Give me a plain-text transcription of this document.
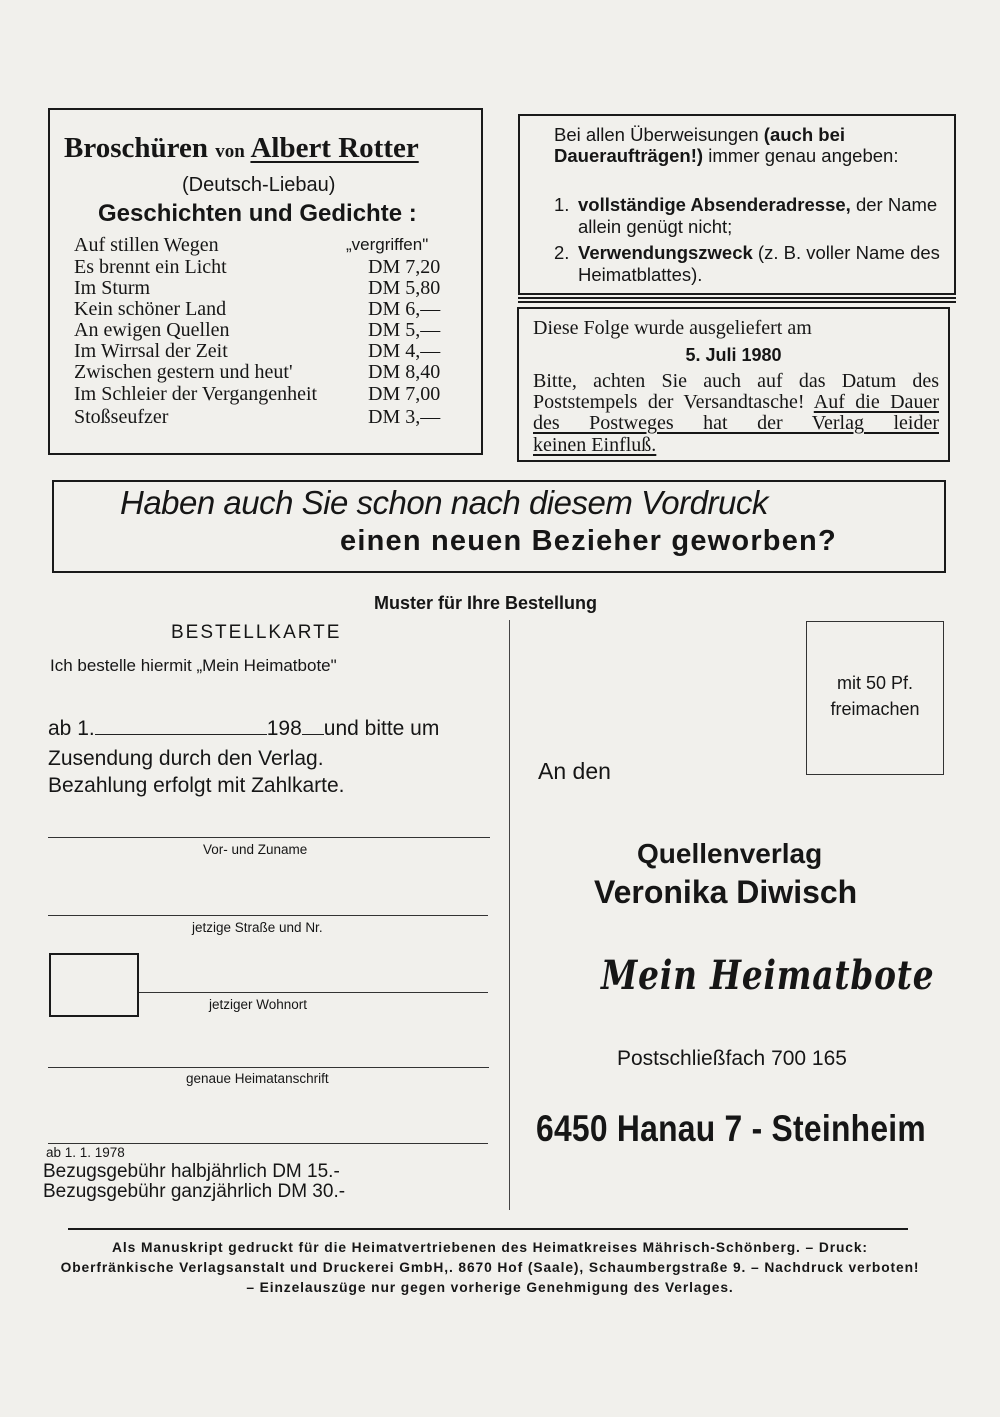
Broschüren von Albert Rotter
(Deutsch-Liebau)
Geschichten und Gedichte :
Auf stillen Wegen	„vergriffen"
Es brennt ein Licht	DM 7,20
Im Sturm	DM 5,80
Kein schöner Land	DM 6,—
An ewigen Quellen	DM 5,—
Im Wirrsal der Zeit	DM 4,—
Zwischen gestern und heut'	DM 8,40
Im Schleier der Vergangenheit	DM 7,00
Stoßseufzer	DM 3,—
Bei allen Überweisungen (auch bei Daueraufträgen!) immer genau angeben:
1. vollständige Absenderadresse, der Name allein genügt nicht;
2. Verwendungszweck (z. B. voller Name des Heimatblattes).
Diese Folge wurde ausgeliefert am
5. Juli 1980
Bitte, achten Sie auch auf das Datum des Poststempels der Versandtasche! Auf die Dauer des Postweges hat der Verlag leider
keinen Einfluß.
Haben auch Sie schon nach diesem Vordruck
einen neuen Bezieher geworben?
Muster für Ihre Bestellung
BESTELLKARTE
Ich bestelle hiermit „Mein Heimatbote"
ab 1.	198 und bitte um
Zusendung durch den Verlag.
Bezahlung erfolgt mit Zahlkarte.
Vor- und Zuname
jetzige Straße und Nr.
jetziger Wohnort
genaue Heimatanschrift
ab 1. 1. 1978
Bezugsgebühr halbjährlich DM 15.-
Bezugsgebühr ganzjährlich DM 30.-
mit 50 Pf.
freimachen
An den
Quellenverlag
Veronika Diwisch
Mein Heimatbote
Postschließfach 700 165
6450 Hanau 7 - Steinheim
Als Manuskript gedruckt für die Heimatvertriebenen des Heimatkreises Mährisch-Schönberg. – Druck: Oberfränkische Verlagsanstalt und Druckerei GmbH,. 8670 Hof (Saale), Schaumbergstraße 9. – Nachdruck verboten! – Einzelauszüge nur gegen vorherige Genehmigung des Verlages.
